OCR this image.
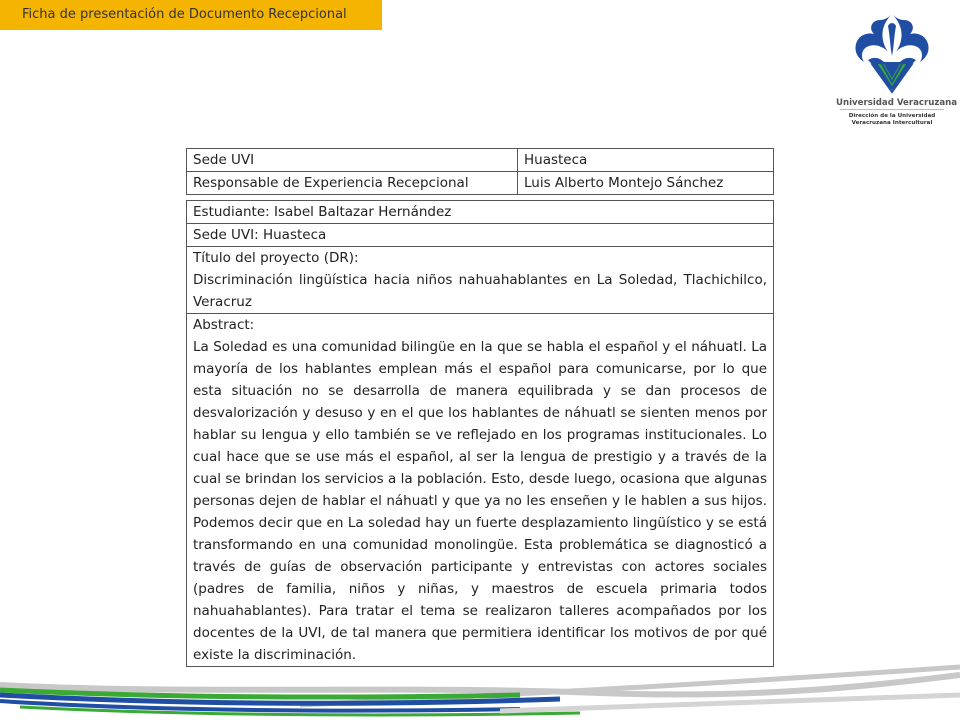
Ficha de presentación de Documento Recepcional
Universidad Veracruzana
Dirección de la Universidad
Veracruzana Intercultural
Sede UVI	Huasteca
Responsable de Experiencia Recepcional	Luis Alberto Montejo Sánchez
Estudiante: Isabel Baltazar Hernández
Sede UVI: Huasteca

Título del proyecto (DR):
Discriminación lingüística hacia niños nahuahablantes en La Soledad, Tlachichilco, Veracruz

Abstract:
La Soledad es una comunidad bilingüe en la que se habla el español y el náhuatl. La mayoría de los hablantes emplean más el español para comunicarse, por lo que esta situación no se desarrolla de manera equilibrada y se dan procesos de desvalorización y desuso y en el que los hablantes de náhuatl se sienten menos por hablar su lengua y ello también se ve reflejado en los programas institucionales. Lo cual hace que se use más el español, al ser la lengua de prestigio y a través de la cual se brindan los servicios a la población. Esto, desde luego, ocasiona que algunas personas dejen de hablar el náhuatl y que ya no les enseñen y le hablen a sus hijos. Podemos decir que en La soledad hay un fuerte desplazamiento lingüístico y se está transformando en una comunidad monolingüe. Esta problemática se diagnosticó a través de guías de observación participante y entrevistas con actores sociales (padres de familia, niños y niñas, y maestros de escuela primaria todos nahuahablantes). Para tratar el tema se realizaron talleres acompañados por los docentes de la UVI, de tal manera que permitiera identificar los motivos de por qué existe la discriminación.
